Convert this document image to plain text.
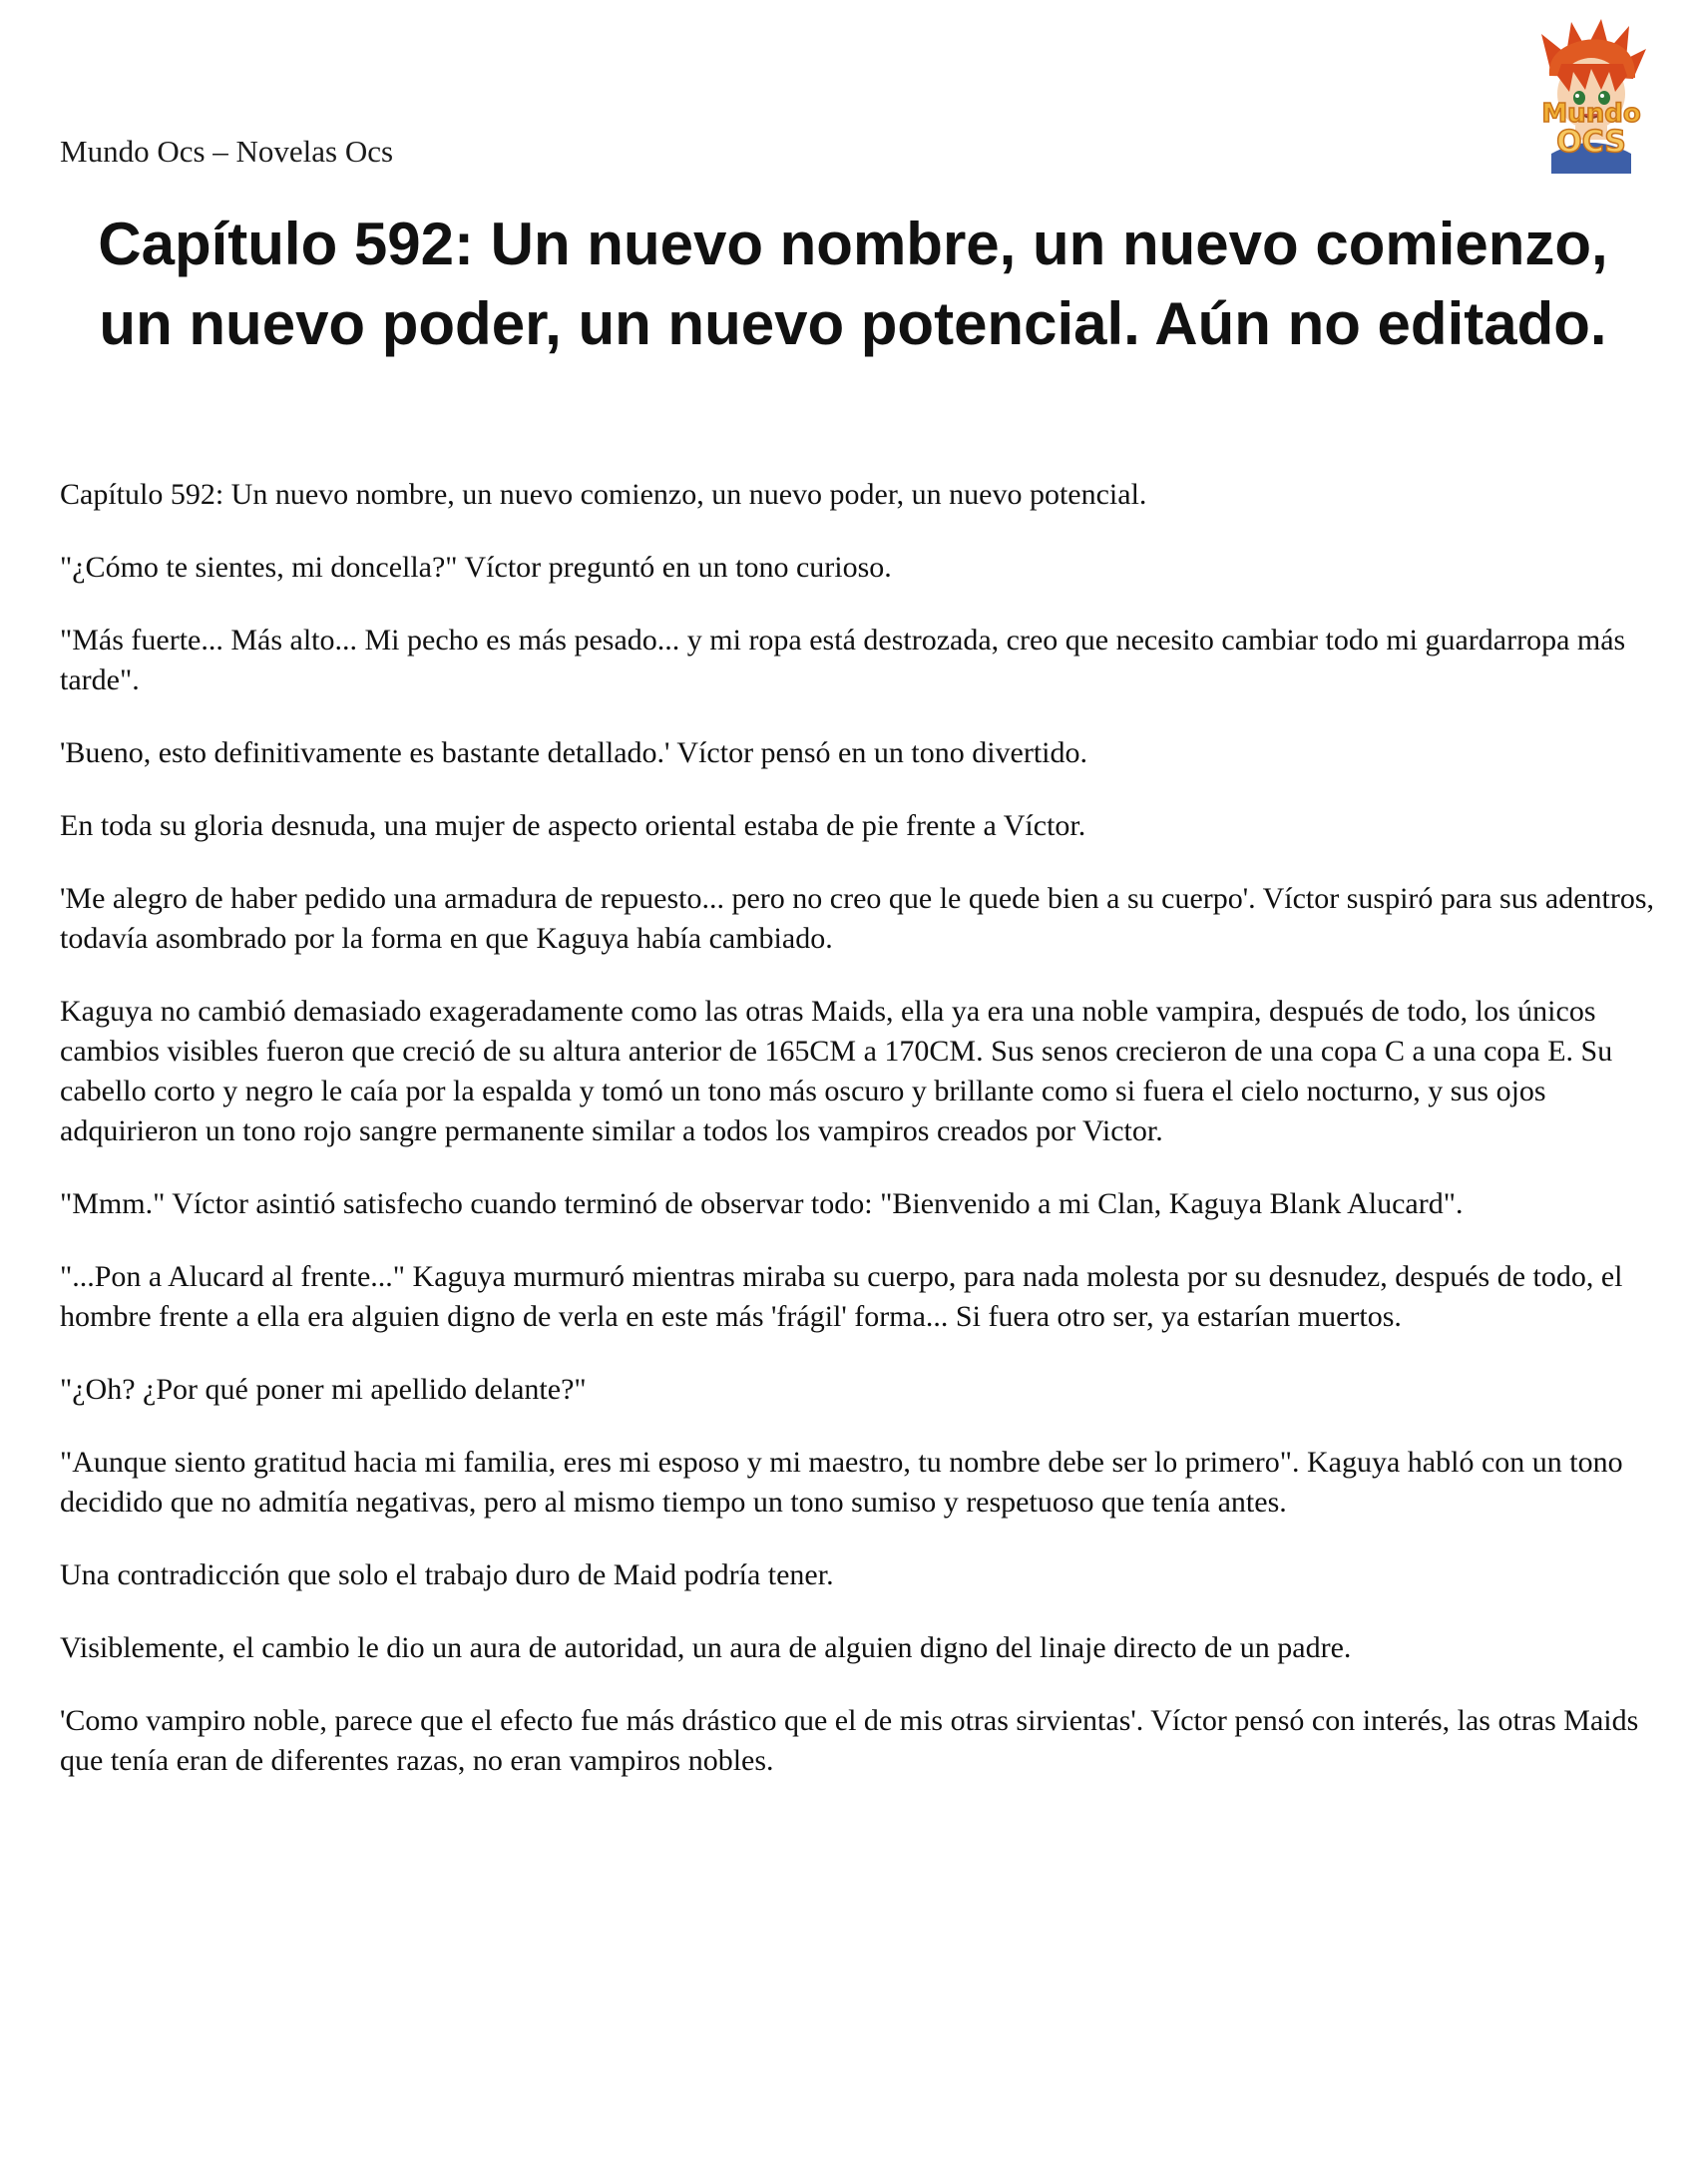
Mundo Ocs – Novelas Ocs
Mundo
OCS
Capítulo 592: Un nuevo nombre, un nuevo comienzo, un nuevo poder, un nuevo potencial. Aún no editado.

Capítulo 592: Un nuevo nombre, un nuevo comienzo, un nuevo poder, un nuevo potencial.

"¿Cómo te sientes, mi doncella?" Víctor preguntó en un tono curioso.

"Más fuerte... Más alto... Mi pecho es más pesado... y mi ropa está destrozada, creo que necesito cambiar todo mi guardarropa más tarde".

'Bueno, esto definitivamente es bastante detallado.' Víctor pensó en un tono divertido.

En toda su gloria desnuda, una mujer de aspecto oriental estaba de pie frente a Víctor.

'Me alegro de haber pedido una armadura de repuesto... pero no creo que le quede bien a su cuerpo'. Víctor suspiró para sus adentros, todavía asombrado por la forma en que Kaguya había cambiado.

Kaguya no cambió demasiado exageradamente como las otras Maids, ella ya era una noble vampira, después de todo, los únicos cambios visibles fueron que creció de su altura anterior de 165CM a 170CM. Sus senos crecieron de una copa C a una copa E. Su cabello corto y negro le caía por la espalda y tomó un tono más oscuro y brillante como si fuera el cielo nocturno, y sus ojos adquirieron un tono rojo sangre permanente similar a todos los vampiros creados por Victor.

"Mmm." Víctor asintió satisfecho cuando terminó de observar todo: "Bienvenido a mi Clan, Kaguya Blank Alucard".

"...Pon a Alucard al frente..." Kaguya murmuró mientras miraba su cuerpo, para nada molesta por su desnudez, después de todo, el hombre frente a ella era alguien digno de verla en este más 'frágil' forma... Si fuera otro ser, ya estarían muertos.

"¿Oh? ¿Por qué poner mi apellido delante?"

"Aunque siento gratitud hacia mi familia, eres mi esposo y mi maestro, tu nombre debe ser lo primero". Kaguya habló con un tono decidido que no admitía negativas, pero al mismo tiempo un tono sumiso y respetuoso que tenía antes.

Una contradicción que solo el trabajo duro de Maid podría tener.

Visiblemente, el cambio le dio un aura de autoridad, un aura de alguien digno del linaje directo de un padre.

'Como vampiro noble, parece que el efecto fue más drástico que el de mis otras sirvientas'. Víctor pensó con interés, las otras Maids que tenía eran de diferentes razas, no eran vampiros nobles.
